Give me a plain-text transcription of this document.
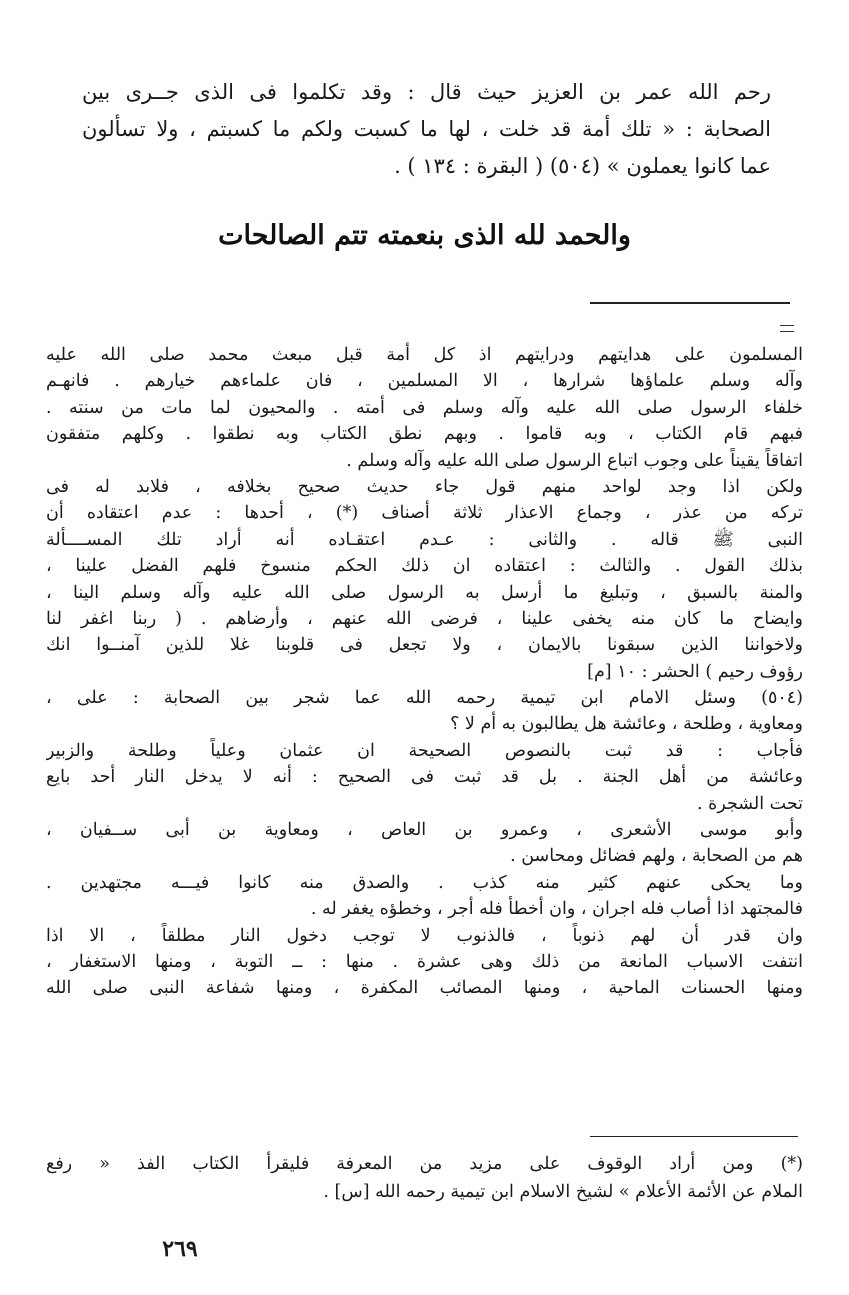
رحم الله عمر بن العزيز حيث قال : وقد تكلموا فى الذى جــرى بين
الصحابة : « تلك أمة قد خلت ، لها ما كسبت ولكم ما كسبتم ، ولا تسألون
عما كانوا يعملون » (٥٠٤) ( البقرة : ١٣٤ ) .
والحمد لله الذى بنعمته تتم الصالحات
المسلمون على هدايتهم ودرايتهم اذ كل أمة قبل مبعث محمد صلى الله عليه
وآله وسلم علماؤها شرارها ، الا المسلمين ، فان علماءهم خيارهم . فانهـم
خلفاء الرسول صلى الله عليه وآله وسلم فى أمته . والمحيون لما مات من سنته .
فبهم قام الكتاب ، وبه قاموا . وبهم نطق الكتاب وبه نطقوا . وكلهم متفقون
اتفاقاً يقيناً على وجوب اتباع الرسول صلى الله عليه وآله وسلم .
ولكن اذا وجد لواحد منهم قول جاء حديث صحيح بخلافه ، فلابد له فى
تركه من عذر ، وجماع الاعذار ثلاثة أصناف (*) ، أحدها : عدم اعتقاده أن
النبى ﷺ قاله . والثانى : عـدم اعتقـاده أنه أراد تلك المســــألة
بذلك القول . والثالث : اعتقاده ان ذلك الحكم منسوخ فلهم الفضل علينا ،
والمنة بالسبق ، وتبليغ ما أرسل به الرسول صلى الله عليه وآله وسلم الينا ،
وايضاح ما كان منه يخفى علينا ، فرضى الله عنهم ، وأرضاهم . ( ربنا اغفر لنا
ولاخواننا الذين سبقونا بالايمان ، ولا تجعل فى قلوبنا غلا للذين آمنــوا انك
رؤوف رحيم ) الحشر : ١٠ [م]
(٥٠٤) وسئل الامام ابن تيمية رحمه الله عما شجر بين الصحابة : على ،
ومعاوية ، وطلحة ، وعائشة هل يطالبون به أم لا ؟
فأجاب : قد ثبت بالنصوص الصحيحة ان عثمان وعلياً وطلحة والزبير
وعائشة من أهل الجنة . بل قد ثبت فى الصحيح : أنه لا يدخل النار أحد بايع
تحت الشجرة .
وأبو موسى الأشعرى ، وعمرو بن العاص ، ومعاوية بن أبى ســفيان ،
هم من الصحابة ، ولهم فضائل ومحاسن .
وما يحكى عنهم كثير منه كذب . والصدق منه كانوا فيـــه مجتهدين .
فالمجتهد اذا أصاب فله اجران ، وان أخطأ فله أجر ، وخطؤه يغفر له .
وان قدر أن لهم ذنوباً ، فالذنوب لا توجب دخول النار مطلقاً ، الا اذا
انتفت الاسباب المانعة من ذلك وهى عشرة . منها : ــ التوبة ، ومنها الاستغفار ،
ومنها الحسنات الماحية ، ومنها المصائب المكفرة ، ومنها شفاعة النبى صلى الله
(*) ومن أراد الوقوف على مزيد من المعرفة فليقرأ الكتاب الفذ « رفع
الملام عن الأئمة الأعلام » لشيخ الاسلام ابن تيمية رحمه الله [س] .
٢٦٩
